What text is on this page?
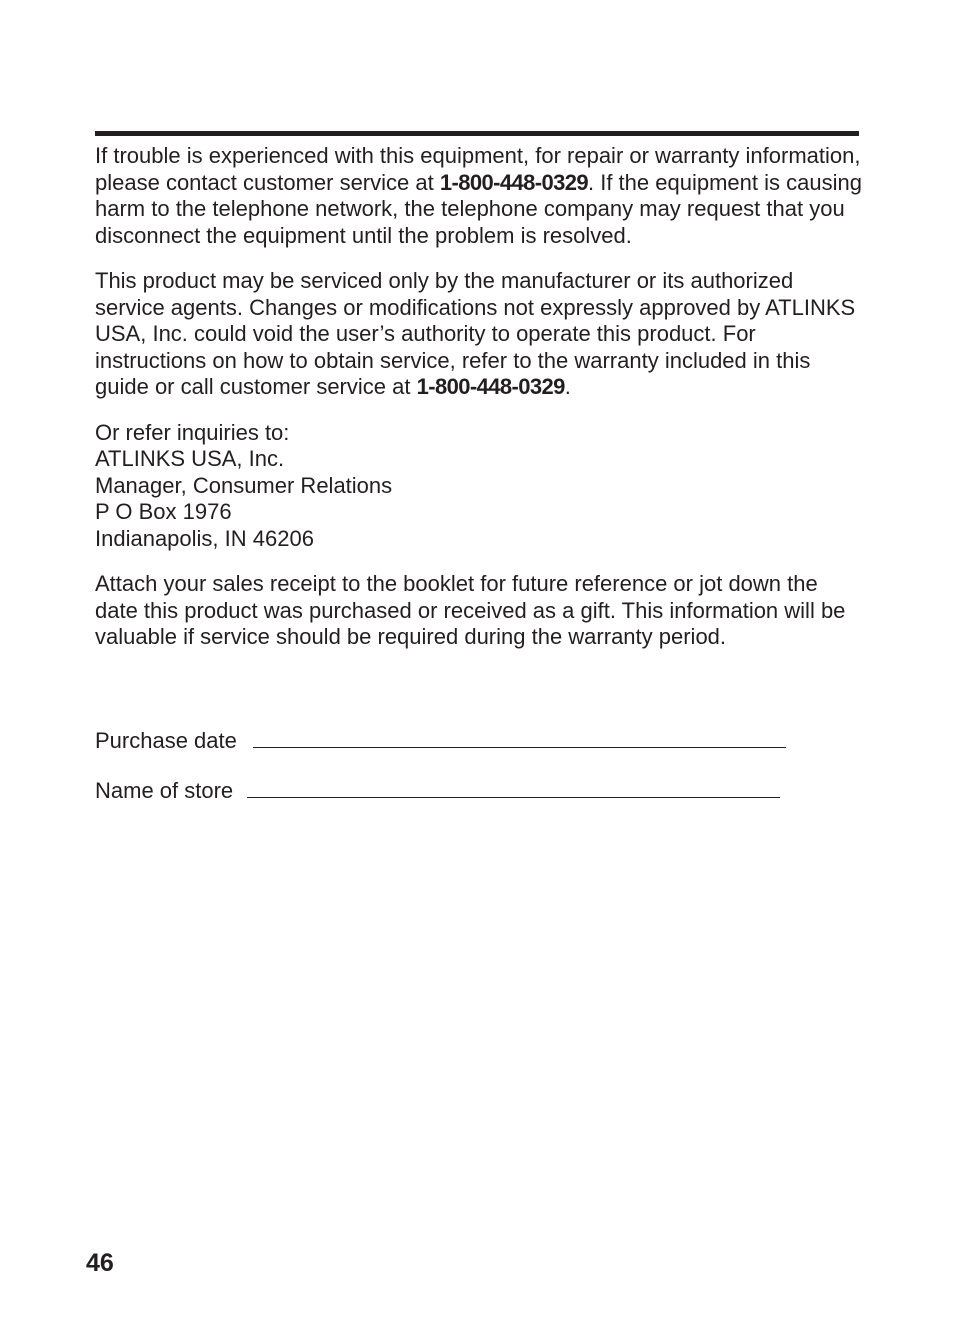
If trouble is experienced with this equipment, for repair or warranty information, please contact customer service at 1-800-448-0329. If the equipment is causing harm to the telephone network, the telephone company may request that you disconnect the equipment until the problem is resolved.

This product may be serviced only by the manufacturer or its authorized service agents. Changes or modifications not expressly approved by ATLINKS USA, Inc. could void the user’s authority to operate this product. For instructions on how to obtain service, refer to the warranty included in this guide or call customer service at 1-800-448-0329.

Or refer inquiries to:
ATLINKS USA, Inc.
Manager, Consumer Relations
P O Box 1976
Indianapolis, IN 46206

Attach your sales receipt to the booklet for future reference or jot down the date this product was purchased or received as a gift. This information will be valuable if service should be required during the warranty period.

Purchase date
Name of store
46
